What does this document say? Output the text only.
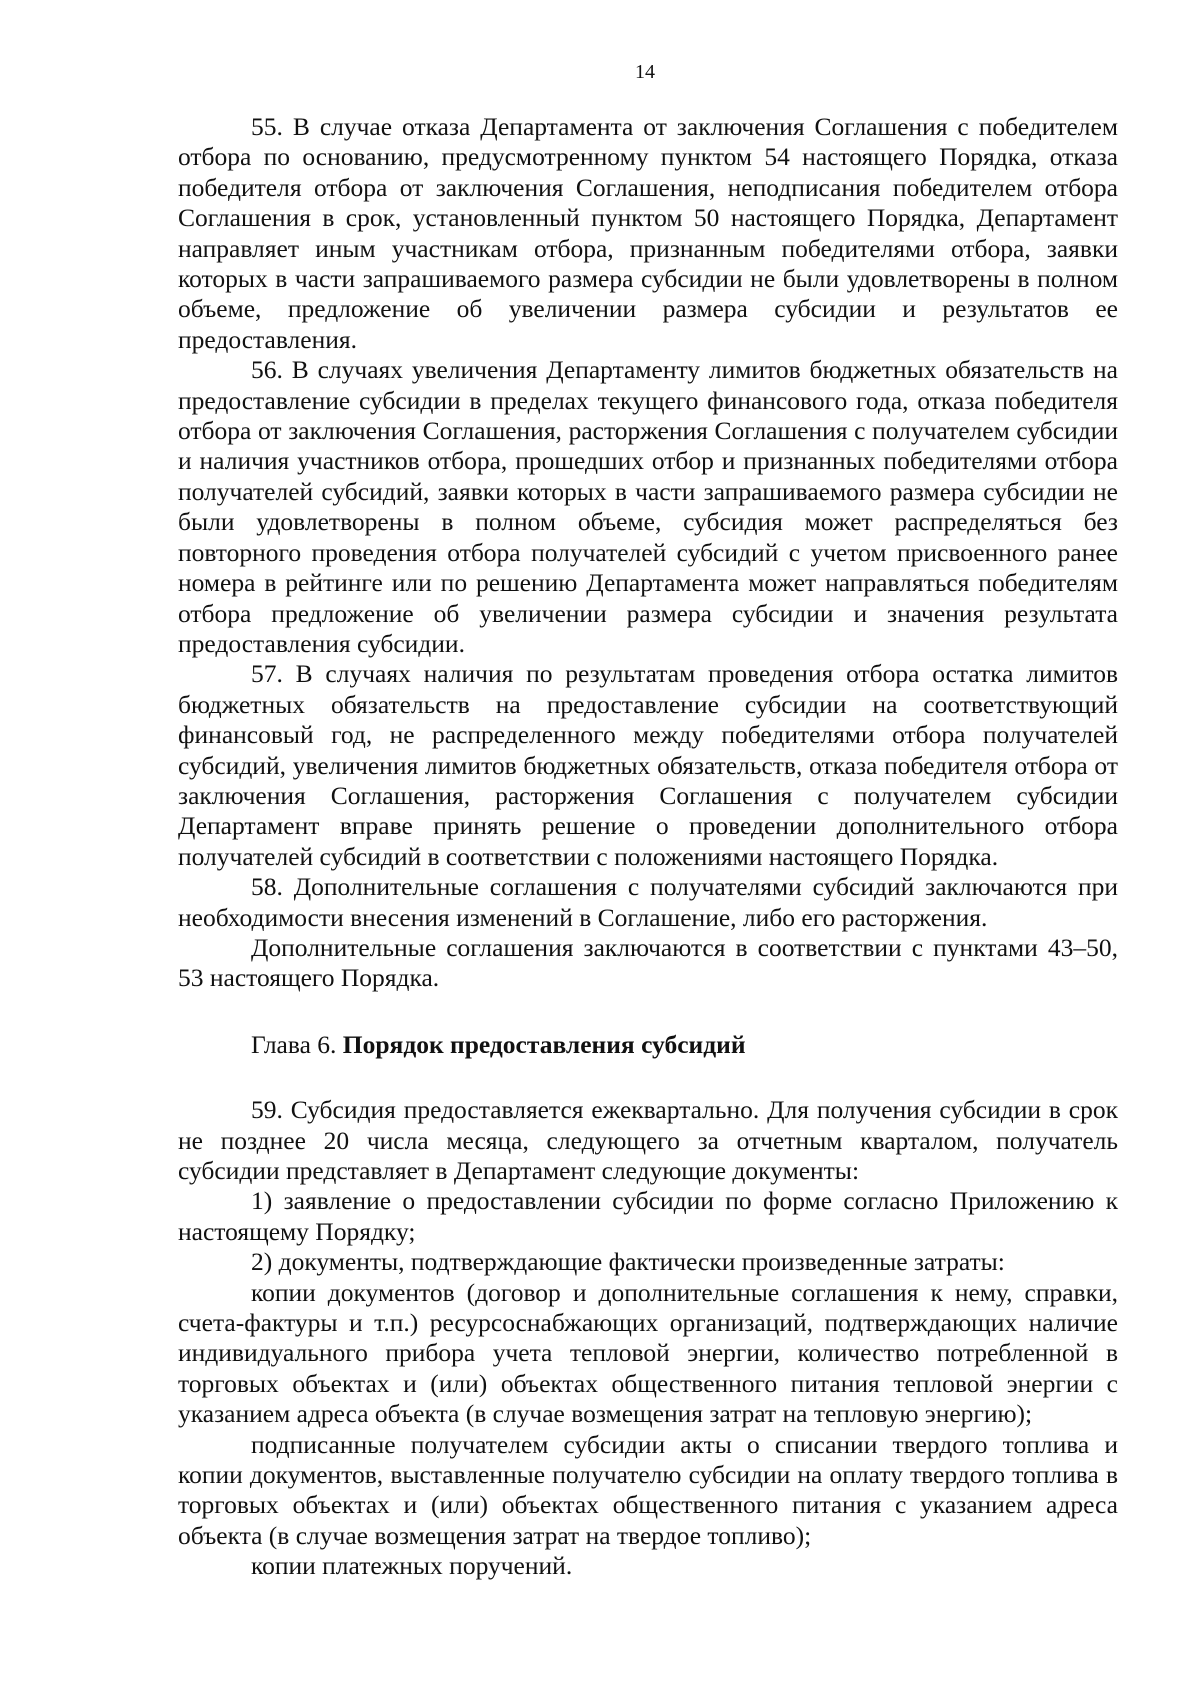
14

55. В случае отказа Департамента от заключения Соглашения с победителем отбора по основанию, предусмотренному пунктом 54 настоящего Порядка, отказа победителя отбора от заключения Соглашения, неподписания победителем отбора Соглашения в срок, установленный пунктом 50 настоящего Порядка, Департамент направляет иным участникам отбора, признанным победителями отбора, заявки которых в части запрашиваемого размера субсидии не были удовлетворены в полном объеме, предложение об увеличении размера субсидии и результатов ее предоставления.

56. В случаях увеличения Департаменту лимитов бюджетных обязательств на предоставление субсидии в пределах текущего финансового года, отказа победителя отбора от заключения Соглашения, расторжения Соглашения с получателем субсидии и наличия участников отбора, прошедших отбор и признанных победителями отбора получателей субсидий, заявки которых в части запрашиваемого размера субсидии не были удовлетворены в полном объеме, субсидия может распределяться без повторного проведения отбора получателей субсидий с учетом присвоенного ранее номера в рейтинге или по решению Департамента может направляться победителям отбора предложение об увеличении размера субсидии и значения результата предоставления субсидии.

57. В случаях наличия по результатам проведения отбора остатка лимитов бюджетных обязательств на предоставление субсидии на соответствующий финансовый год, не распределенного между победителями отбора получателей субсидий, увеличения лимитов бюджетных обязательств, отказа победителя отбора от заключения Соглашения, расторжения Соглашения с получателем субсидии Департамент вправе принять решение о проведении дополнительного отбора получателей субсидий в соответствии с положениями настоящего Порядка.

58. Дополнительные соглашения с получателями субсидий заключаются при необходимости внесения изменений в Соглашение, либо его расторжения.

Дополнительные соглашения заключаются в соответствии с пунктами 43–50, 53 настоящего Порядка.

Глава 6. Порядок предоставления субсидий

59. Субсидия предоставляется ежеквартально. Для получения субсидии в срок не позднее 20 числа месяца, следующего за отчетным кварталом, получатель субсидии представляет в Департамент следующие документы:

1) заявление о предоставлении субсидии по форме согласно Приложению к настоящему Порядку;

2) документы, подтверждающие фактически произведенные затраты:

копии документов (договор и дополнительные соглашения к нему, справки, счета-фактуры и т.п.) ресурсоснабжающих организаций, подтверждающих наличие индивидуального прибора учета тепловой энергии, количество потребленной в торговых объектах и (или) объектах общественного питания тепловой энергии с указанием адреса объекта (в случае возмещения затрат на тепловую энергию);

подписанные получателем субсидии акты о списании твердого топлива и копии документов, выставленные получателю субсидии на оплату твердого топлива в торговых объектах и (или) объектах общественного питания с указанием адреса объекта (в случае возмещения затрат на твердое топливо);

копии платежных поручений.
